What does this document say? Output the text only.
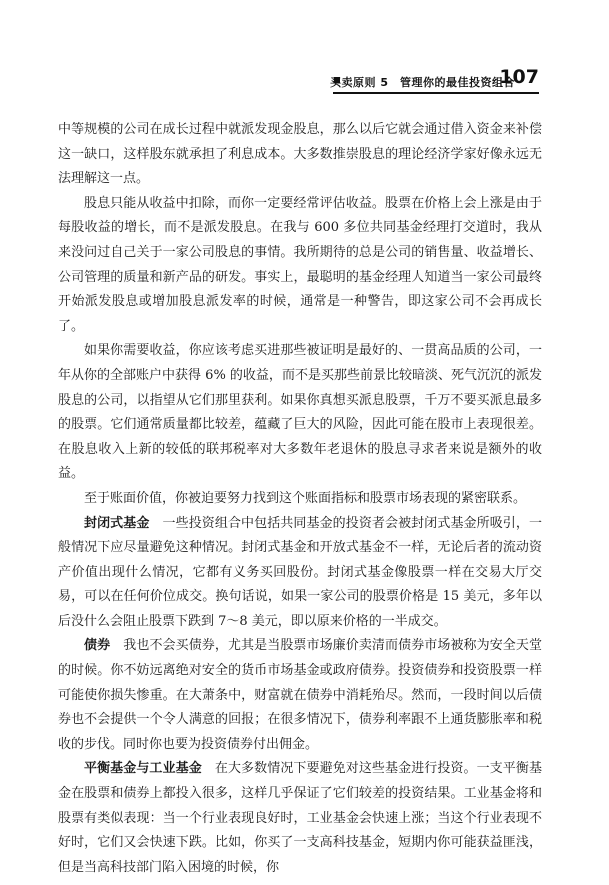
买卖原则 5　管理你的最佳投资组合
107

中等规模的公司在成长过程中就派发现金股息，那么以后它就会通过借入资金来补偿这一缺口，这样股东就承担了利息成本。大多数推崇股息的理论经济学家好像永远无法理解这一点。

股息只能从收益中扣除，而你一定要经常评估收益。股票在价格上会上涨是由于每股收益的增长，而不是派发股息。在我与 600 多位共同基金经理打交道时，我从来没问过自己关于一家公司股息的事情。我所期待的总是公司的销售量、收益增长、公司管理的质量和新产品的研发。事实上，最聪明的基金经理人知道当一家公司最终开始派发股息或增加股息派发率的时候，通常是一种警告，即这家公司不会再成长了。

如果你需要收益，你应该考虑买进那些被证明是最好的、一贯高品质的公司，一年从你的全部账户中获得 6% 的收益，而不是买那些前景比较暗淡、死气沉沉的派发股息的公司，以指望从它们那里获利。如果你真想买派息股票，千万不要买派息最多的股票。它们通常质量都比较差，蕴藏了巨大的风险，因此可能在股市上表现很差。在股息收入上新的较低的联邦税率对大多数年老退休的股息寻求者来说是额外的收益。

至于账面价值，你被迫要努力找到这个账面指标和股票市场表现的紧密联系。

封闭式基金　一些投资组合中包括共同基金的投资者会被封闭式基金所吸引，一般情况下应尽量避免这种情况。封闭式基金和开放式基金不一样，无论后者的流动资产价值出现什么情况，它都有义务买回股份。封闭式基金像股票一样在交易大厅交易，可以在任何价位成交。换句话说，如果一家公司的股票价格是 15 美元，多年以后没什么会阻止股票下跌到 7～8 美元，即以原来价格的一半成交。

债券　我也不会买债券，尤其是当股票市场廉价卖清而债券市场被称为安全天堂的时候。你不妨远离绝对安全的货币市场基金或政府债券。投资债券和投资股票一样可能使你损失惨重。在大萧条中，财富就在债券中消耗殆尽。然而，一段时间以后债券也不会提供一个令人满意的回报；在很多情况下，债券利率跟不上通货膨胀率和税收的步伐。同时你也要为投资债券付出佣金。

平衡基金与工业基金　在大多数情况下要避免对这些基金进行投资。一支平衡基金在股票和债券上都投入很多，这样几乎保证了它们较差的投资结果。工业基金将和股票有类似表现：当一个行业表现良好时，工业基金会快速上涨；当这个行业表现不好时，它们又会快速下跌。比如，你买了一支高科技基金，短期内你可能获益匪浅，但是当高科技部门陷入困境的时候，你
